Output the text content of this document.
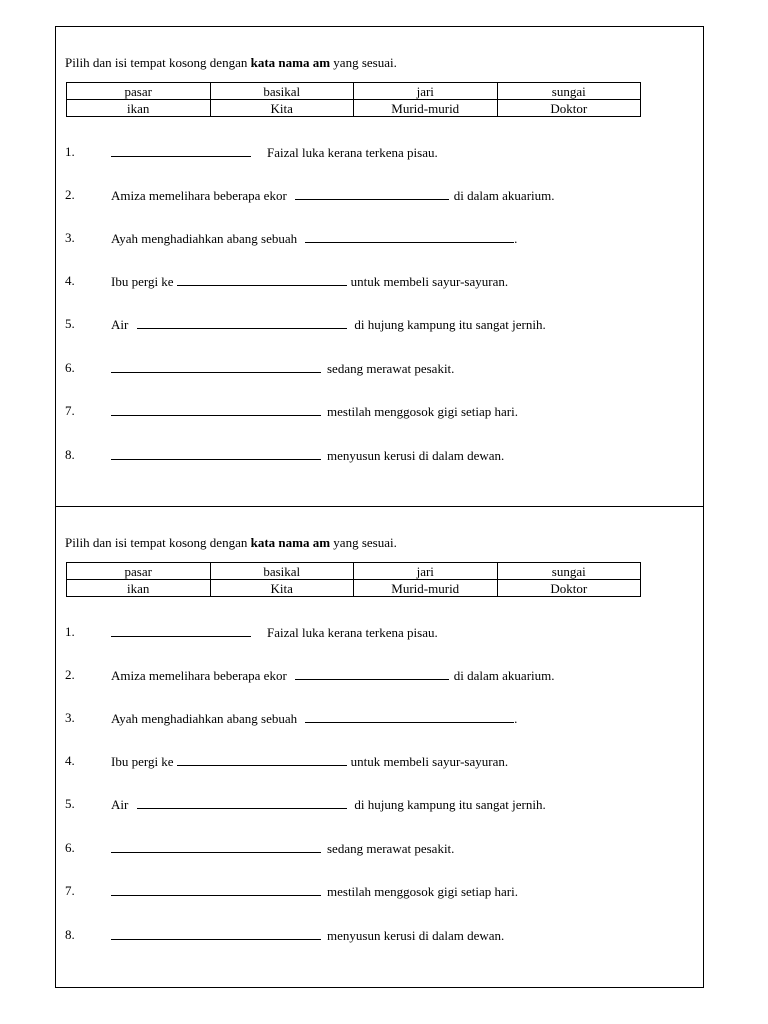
Pilih dan isi tempat kosong dengan kata nama am yang sesuai.
pasar	basikal	jari	sungai
ikan	Kita	Murid-murid	Doktor
1.	Faizal luka kerana terkena pisau.
2.	Amiza memelihara beberapa ekor	di dalam akuarium.
3.	Ayah menghadiahkan abang sebuah	.
4.	Ibu pergi ke	untuk membeli sayur-sayuran.
5.	Air	di hujung kampung itu sangat jernih.
6.	sedang merawat pesakit.
7.	mestilah menggosok gigi setiap hari.
8.	menyusun kerusi di dalam dewan.
Pilih dan isi tempat kosong dengan kata nama am yang sesuai.
pasar	basikal	jari	sungai
ikan	Kita	Murid-murid	Doktor
1.	Faizal luka kerana terkena pisau.
2.	Amiza memelihara beberapa ekor	di dalam akuarium.
3.	Ayah menghadiahkan abang sebuah	.
4.	Ibu pergi ke	untuk membeli sayur-sayuran.
5.	Air	di hujung kampung itu sangat jernih.
6.	sedang merawat pesakit.
7.	mestilah menggosok gigi setiap hari.
8.	menyusun kerusi di dalam dewan.
